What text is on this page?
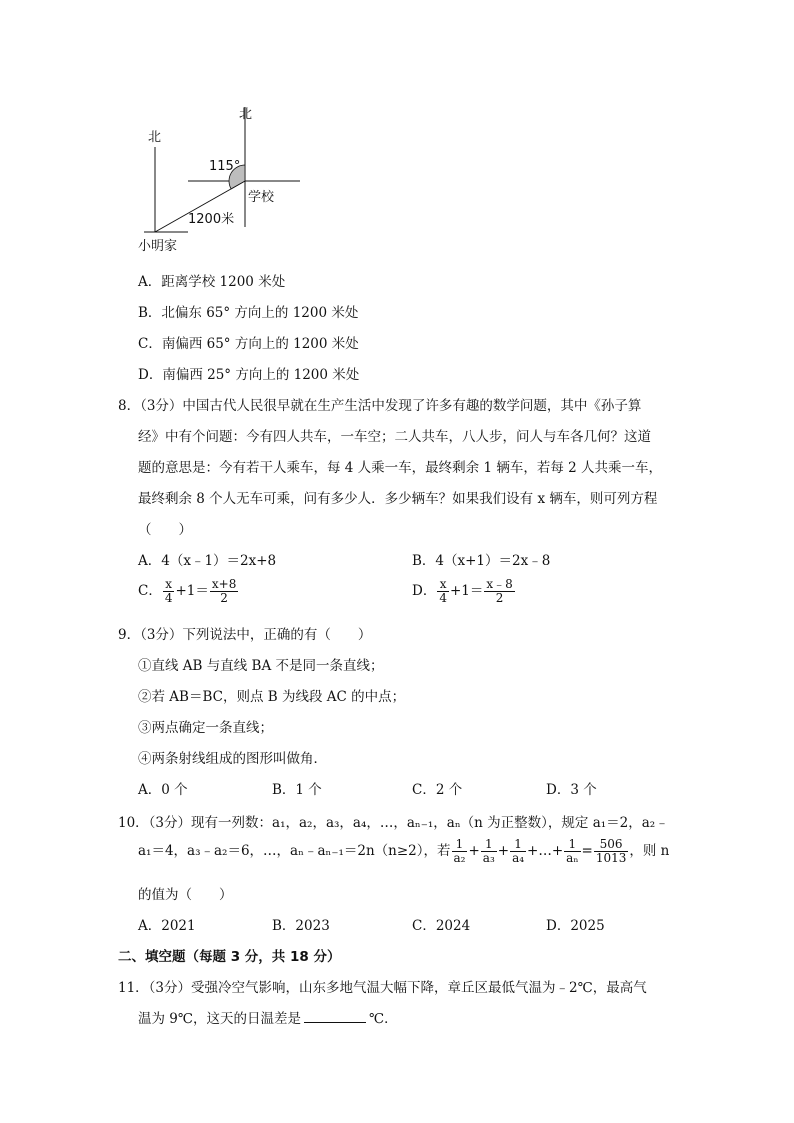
北
北
115°
学校
1200米
小明家
A．距离学校 1200 米处
B．北偏东 65° 方向上的 1200 米处
C．南偏西 65° 方向上的 1200 米处
D．南偏西 25° 方向上的 1200 米处
8．（3分）中国古代人民很早就在生产生活中发现了许多有趣的数学问题，其中《孙子算
经》中有个问题：今有四人共车，一车空；二人共车，八人步，问人与车各几何？这道
题的意思是：今有若干人乘车，每 4 人乘一车，最终剩余 1 辆车，若每 2 人共乘一车，
最终剩余 8 个人无车可乘，问有多少人．多少辆车？如果我们设有 x 辆车，则可列方程
（　　）
A．4（x﹣1）＝2x+8	B．4（x+1）＝2x﹣8
C． $\frac{x}{4} +1= \frac{x+8}{2}$	D． $\frac{x}{4} +1= \frac{x﹣8}{2}$
9．（3分）下列说法中，正确的有（　　）
①直线 AB 与直线 BA 不是同一条直线；
②若 AB＝BC，则点 B 为线段 AC 的中点；
③两点确定一条直线；
④两条射线组成的图形叫做角．
A．0 个	B．1 个	C．2 个	D．3 个
10．（3分）现有一列数：a₁，a₂，a₃，a₄，…，aₙ₋₁，aₙ（n 为正整数），规定 a₁＝2，a₂﹣
a₁＝4，a₃﹣a₂＝6，…，aₙ﹣aₙ₋₁＝2n（n≥2），若 $\frac{1}{\text{a₂}} + \frac{1}{\text{a₃}} + \frac{1}{\text{a₄}}$ +…+ $\frac{1}{\text{aₙ}} = \frac{506}{1013}$ ，则 n
的值为（　　）
A．2021	B．2023	C．2024	D．2025
二、填空题（每题 3 分，共 18 分）
11．（3分）受强冷空气影响，山东多地气温大幅下降，章丘区最低气温为﹣2℃，最高气
温为 9℃，这天的日温差是	℃．
